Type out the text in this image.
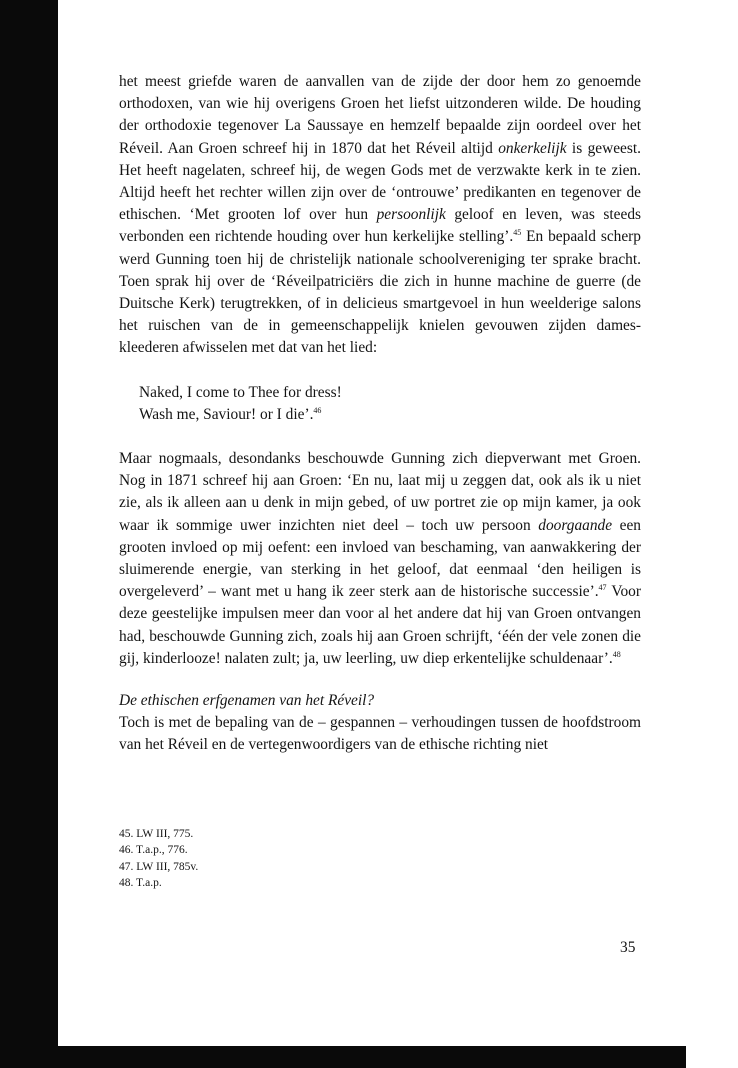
het meest griefde waren de aanvallen van de zijde der door hem zo genoemde orthodoxen, van wie hij overigens Groen het liefst uitzonderen wilde. De houding der orthodoxie tegenover La Saussaye en hemzelf bepaalde zijn oordeel over het Réveil. Aan Groen schreef hij in 1870 dat het Réveil altijd onkerkelijk is geweest. Het heeft nagelaten, schreef hij, de wegen Gods met de verzwakte kerk in te zien. Altijd heeft het rechter willen zijn over de ‘ontrouwe’ predikanten en tegenover de ethischen. ‘Met grooten lof over hun persoonlijk geloof en leven, was steeds verbonden een richtende houding over hun kerkelijke stelling’.$^{45}$ En bepaald scherp werd Gunning toen hij de christelijk nationale schoolvereniging ter sprake bracht. Toen sprak hij over de ‘Réveilpatriciërs die zich in hunne machine de guerre (de Duitsche Kerk) terugtrekken, of in delicieus smartgevoel in hun weelderige salons het ruischen van de in gemeenschappelijk knielen gevouwen zijden dames-kleederen afwisselen met dat van het lied:

Naked, I come to Thee for dress!
Wash me, Saviour! or I die’.$^{46}$

Maar nogmaals, desondanks beschouwde Gunning zich diepverwant met Groen. Nog in 1871 schreef hij aan Groen: ‘En nu, laat mij u zeggen dat, ook als ik u niet zie, als ik alleen aan u denk in mijn gebed, of uw portret zie op mijn kamer, ja ook waar ik sommige uwer inzichten niet deel – toch uw persoon doorgaande een grooten invloed op mij oefent: een invloed van beschaming, van aanwakkering der sluimerende energie, van sterking in het geloof, dat eenmaal ‘den heiligen is overgeleverd’ – want met u hang ik zeer sterk aan de historische successie’.$^{47}$ Voor deze geestelijke impulsen meer dan voor al het andere dat hij van Groen ontvangen had, beschouwde Gunning zich, zoals hij aan Groen schrijft, ‘één der vele zonen die gij, kinderlooze! nalaten zult; ja, uw leerling, uw diep erkentelijke schuldenaar’.$^{48}$

De ethischen erfgenamen van het Réveil?

Toch is met de bepaling van de – gespannen – verhoudingen tussen de hoofdstroom van het Réveil en de vertegenwoordigers van de ethische richting niet

45. LW III, 775.
46. T.a.p., 776.
47. LW III, 785v.
48. T.a.p.
35
